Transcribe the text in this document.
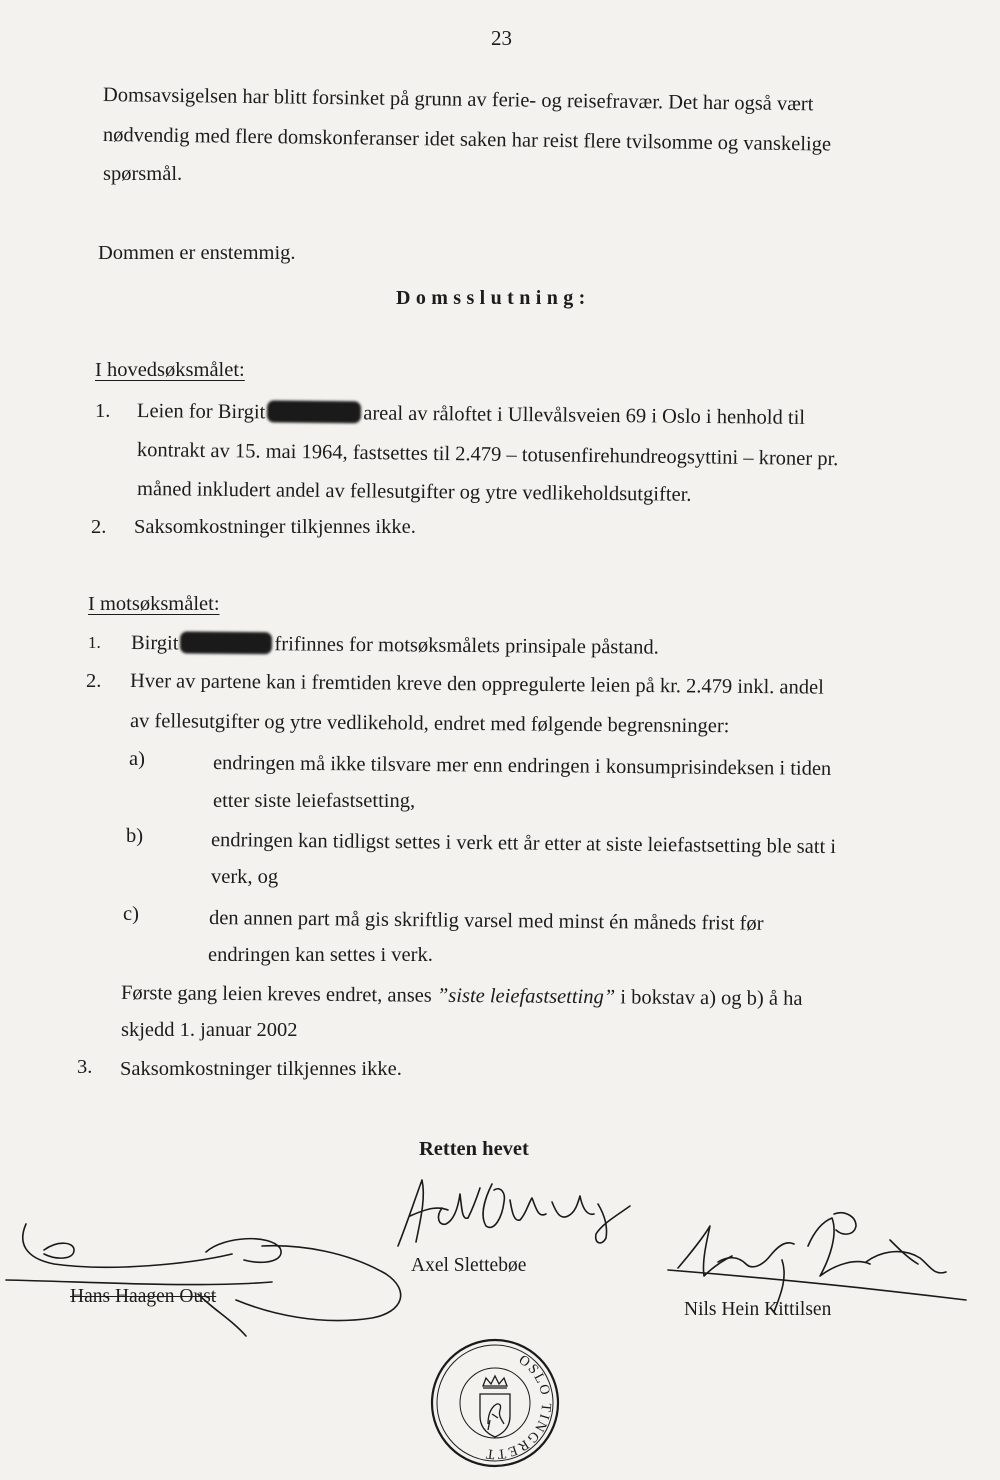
23
Domsavsigelsen har blitt forsinket på grunn av ferie- og reisefravær. Det har også vært
nødvendig med flere domskonferanser idet saken har reist flere tvilsomme og vanskelige
spørsmål.
Dommen er enstemmig.
Domsslutning:
I hovedsøksmålet:
1. Leien for Birgit	areal av råloftet i Ullevålsveien 69 i Oslo i henhold til
kontrakt av 15. mai 1964, fastsettes til 2.479 – totusenfirehundreogsyttini – kroner pr.
måned inkludert andel av fellesutgifter og ytre vedlikeholdsutgifter.
2. Saksomkostninger tilkjennes ikke.
I motsøksmålet:
1. Birgit	frifinnes for motsøksmålets prinsipale påstand.
2. Hver av partene kan i fremtiden kreve den oppregulerte leien på kr. 2.479 inkl. andel
av fellesutgifter og ytre vedlikehold, endret med følgende begrensninger:
a)	endringen må ikke tilsvare mer enn endringen i konsumprisindeksen i tiden
etter siste leiefastsetting,
b)	endringen kan tidligst settes i verk ett år etter at siste leiefastsetting ble satt i
verk, og
c)	den annen part må gis skriftlig varsel med minst én måneds frist før
endringen kan settes i verk.
Første gang leien kreves endret, anses ”siste leiefastsetting” i bokstav a) og b) å ha
skjedd 1. januar 2002
3. Saksomkostninger tilkjennes ikke.
Retten hevet
Axel Slettebøe
Hans Haagen Oust
Nils Hein Kittilsen
OSLO TINGRETT
